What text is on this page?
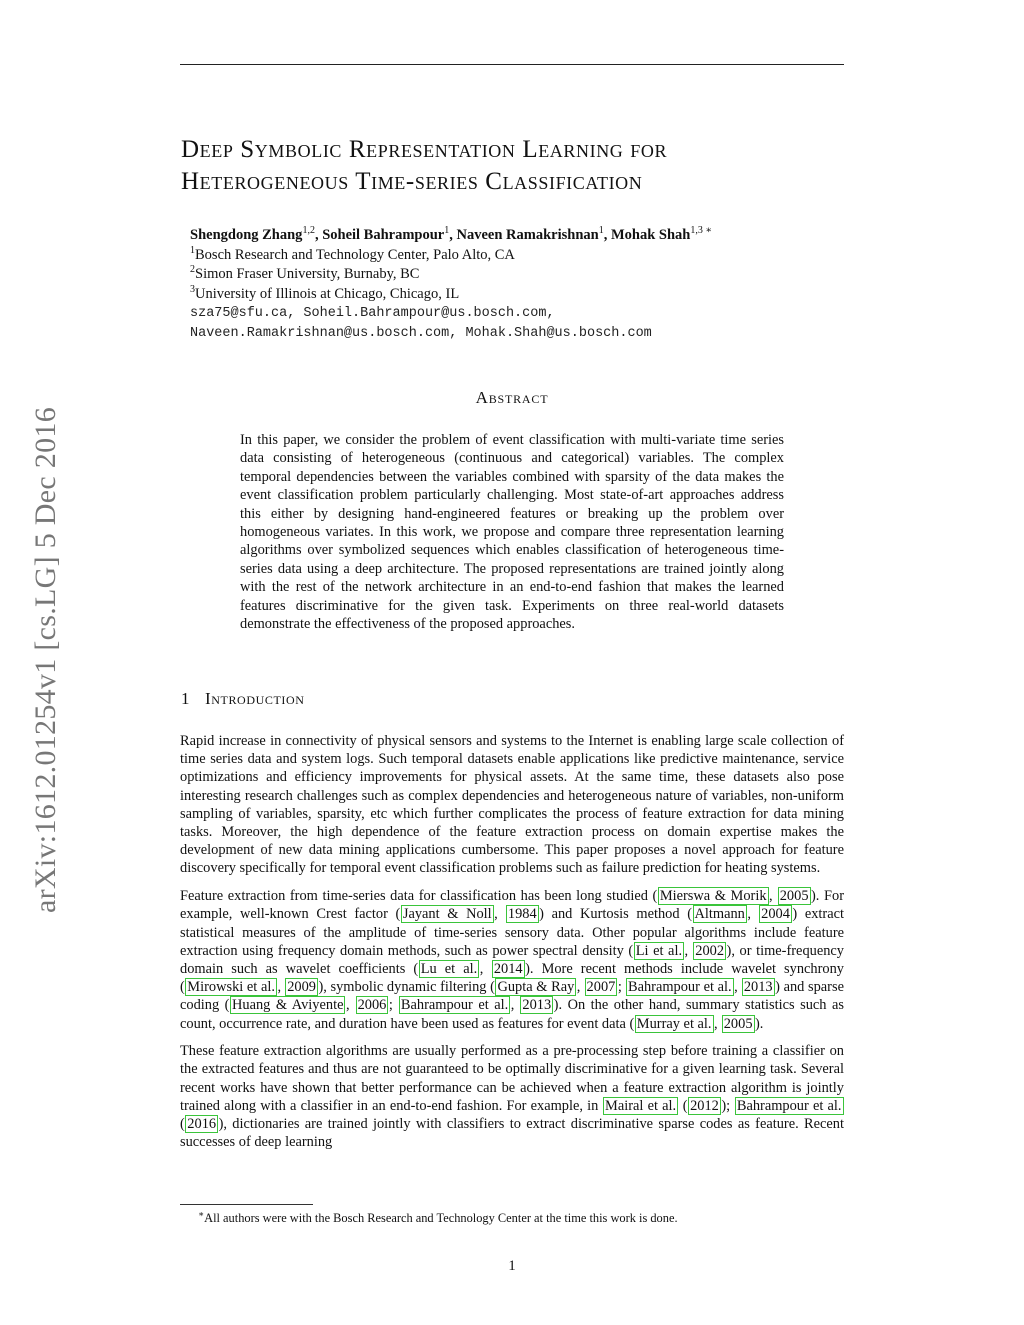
arXiv:1612.01254v1 [cs.LG] 5 Dec 2016
Deep Symbolic Representation Learning for
Heterogeneous Time-series Classification
Shengdong Zhang$^{1,2}$, Soheil Bahrampour$^1$, Naveen Ramakrishnan$^1$, Mohak Shah$^{1,3 ∗}$
$^1$Bosch Research and Technology Center, Palo Alto, CA
$^2$Simon Fraser University, Burnaby, BC
$^3$University of Illinois at Chicago, Chicago, IL
sza75@sfu.ca, Soheil.Bahrampour@us.bosch.com,
Naveen.Ramakrishnan@us.bosch.com, Mohak.Shah@us.bosch.com
Abstract
In this paper, we consider the problem of event classification with multi-variate time series data consisting of heterogeneous (continuous and categorical) variables. The complex temporal dependencies between the variables combined with sparsity of the data makes the event classification problem particularly challenging. Most state-of-art approaches address this either by designing hand-engineered features or breaking up the problem over homogeneous variates. In this work, we propose and compare three representation learning algorithms over symbolized sequences which enables classification of heterogeneous time-series data using a deep architecture. The proposed representations are trained jointly along with the rest of the network architecture in an end-to-end fashion that makes the learned features discriminative for the given task. Experiments on three real-world datasets demonstrate the effectiveness of the proposed approaches.
1 Introduction

Rapid increase in connectivity of physical sensors and systems to the Internet is enabling large scale collection of time series data and system logs. Such temporal datasets enable applications like predictive maintenance, service optimizations and efficiency improvements for physical assets. At the same time, these datasets also pose interesting research challenges such as complex dependencies and heterogeneous nature of variables, non-uniform sampling of variables, sparsity, etc which further complicates the process of feature extraction for data mining tasks. Moreover, the high dependence of the feature extraction process on domain expertise makes the development of new data mining applications cumbersome. This paper proposes a novel approach for feature discovery specifically for temporal event classification problems such as failure prediction for heating systems.

Feature extraction from time-series data for classification has been long studied ( Mierswa & Morik , 2005 ). For example, well-known Crest factor ( Jayant & Noll , 1984 ) and Kurtosis method ( Altmann , 2004 ) extract statistical measures of the amplitude of time-series sensory data. Other popular algorithms include feature extraction using frequency domain methods, such as power spectral density ( Li et al. , 2002 ), or time-frequency domain such as wavelet coefficients ( Lu et al. , 2014 ). More recent methods include wavelet synchrony ( Mirowski et al. , 2009 ), symbolic dynamic filtering ( Gupta & Ray , 2007 ; Bahrampour et al. , 2013 ) and sparse coding ( Huang & Aviyente , 2006 ; Bahrampour et al. , 2013 ). On the other hand, summary statistics such as count, occurrence rate, and duration have been used as features for event data ( Murray et al. , 2005 ).

These feature extraction algorithms are usually performed as a pre-processing step before training a classifier on the extracted features and thus are not guaranteed to be optimally discriminative for a given learning task. Several recent works have shown that better performance can be achieved when a feature extraction algorithm is jointly trained along with a classifier in an end-to-end fashion. For example, in Mairal et al. ( 2012 ); Bahrampour et al. ( 2016 ), dictionaries are trained jointly with classifiers to extract discriminative sparse codes as feature. Recent successes of deep learning

∗All authors were with the Bosch Research and Technology Center at the time this work is done.
1
